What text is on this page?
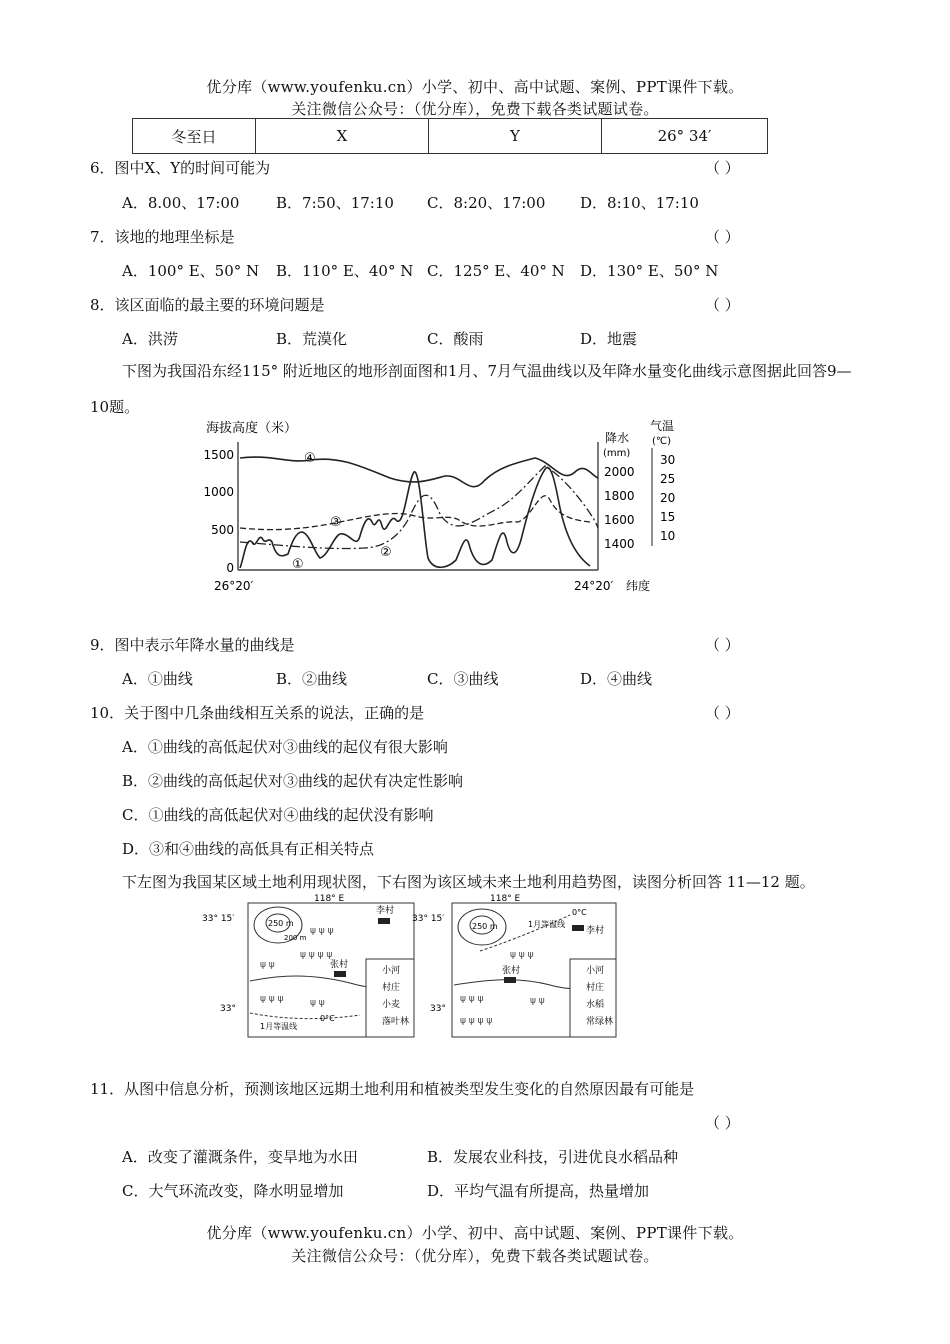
优分库（www.youfenku.cn）小学、初中、高中试题、案例、PPT课件下载。
关注微信公众号：（优分库），免费下载各类试题试卷。
冬至日	X	Y	26° 34′
6．图中X、Y的时间可能为	（ ）
A．8.00、17:00 B．7:50、17:10 C．8:20、17:00 D．8:10、17:10
7．该地的地理坐标是	（ ）
A．100° E、50° N B．110° E、40° N C．125° E、40° N D．130° E、50° N
8．该区面临的最主要的环境问题是	（ ）
A．洪涝	B．荒漠化	C．酸雨	D．地震
下图为我国沿东经115° 附近地区的地形剖面图和1月、7月气温曲线以及年降水量变化曲线示意图据此回答9—10题。
海拔高度（米）
1500
1000
500
0
降水
(mm)
2000
1800
1600
1400
气温
(℃)
30
25
20
15
10
④
③
②
①
26°20′	24°20′ 纬度
9．图中表示年降水量的曲线是	（ ）
A．①曲线	B．②曲线	C．③曲线	D．④曲线
10．关于图中几条曲线相互关系的说法，正确的是	（ ）
A．①曲线的高低起伏对③曲线的起仪有很大影响
B．②曲线的高低起伏对③曲线的起伏有决定性影响
C．①曲线的高低起伏对④曲线的起伏没有影响
D．③和④曲线的高低具有正相关特点
下左图为我国某区域土地利用现状图，下右图为该区域未来土地利用趋势图，读图分析回答 11—12 题。
118° E
33° 15′
33°
250 m
200 m
李村
张村
1月等温线
0°C
ψ ψ ψ
ψ ψ ψ ψ
ψ ψ
ψ ψ ψ	ψ ψ
小河
村庄
小麦
落叶林
118° E
33° 15′
33°
250 m	1月等温线
0°C
李村
张村
ψ ψ ψ
ψ ψ ψ
ψ ψ ψ ψ
ψ ψ
小河
村庄
水稻
常绿林
11．从图中信息分析，预测该地区远期土地利用和植被类型发生变化的自然原因最有可能是
（ ）
A．改变了灌溉条件，变旱地为水田	B．发展农业科技，引进优良水稻品种
C．大气环流改变，降水明显增加	D．平均气温有所提高，热量增加
优分库（www.youfenku.cn）小学、初中、高中试题、案例、PPT课件下载。
关注微信公众号：（优分库），免费下载各类试题试卷。
